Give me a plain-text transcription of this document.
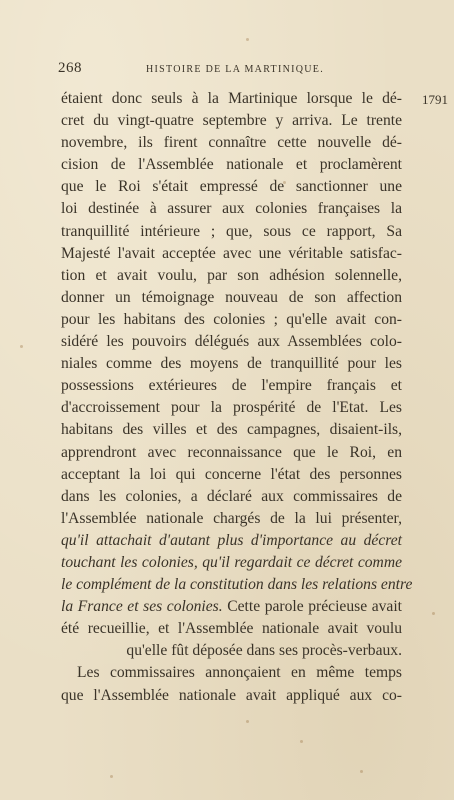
268	HISTOIRE DE LA MARTINIQUE.
1791
étaient donc seuls à la Martinique lorsque le dé-
cret du vingt-quatre septembre y arriva. Le trente
novembre, ils firent connaître cette nouvelle dé-
cision de l'Assemblée nationale et proclamèrent
que le Roi s'était empressé de sanctionner une
loi destinée à assurer aux colonies françaises la
tranquillité intérieure ; que, sous ce rapport, Sa
Majesté l'avait acceptée avec une véritable satisfac-
tion et avait voulu, par son adhésion solennelle,
donner un témoignage nouveau de son affection
pour les habitans des colonies ; qu'elle avait con-
sidéré les pouvoirs délégués aux Assemblées colo-
niales comme des moyens de tranquillité pour les
possessions extérieures de l'empire français et
d'accroissement pour la prospérité de l'Etat. Les
habitans des villes et des campagnes, disaient-ils,
apprendront avec reconnaissance que le Roi, en
acceptant la loi qui concerne l'état des personnes
dans les colonies, a déclaré aux commissaires de
l'Assemblée nationale chargés de la lui présenter,
qu'il attachait d'autant plus d'importance au décret
touchant les colonies, qu'il regardait ce décret comme
le complément de la constitution dans les relations entre
la France et ses colonies. Cette parole précieuse avait
été recueillie, et l'Assemblée nationale avait voulu
qu'elle fût déposée dans ses procès-verbaux.
Les commissaires annonçaient en même temps
que l'Assemblée nationale avait appliqué aux co-
